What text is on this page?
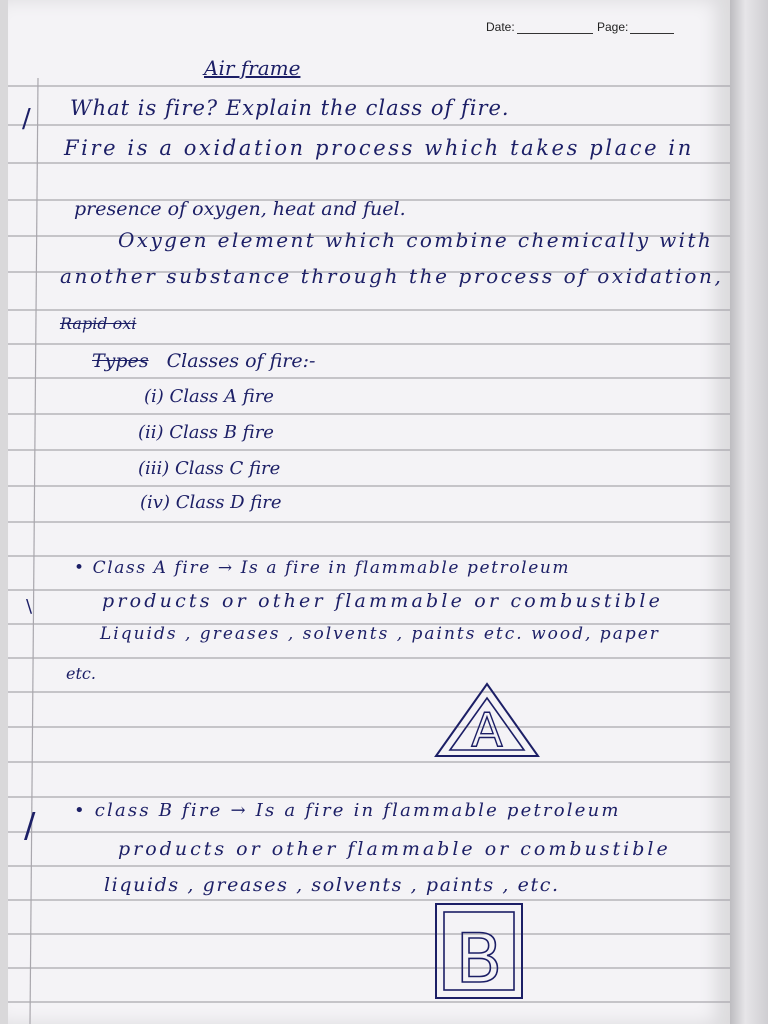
Date:	Page:
/
\
/
Air frame
What is fire? Explain the class of fire.
Fire is a oxidation process which takes place in
presence of oxygen, heat and fuel.
Oxygen element which combine chemically with
another substance through the process of oxidation,
Rapid oxi
Types Classes of fire:-
(i) Class A fire
(ii) Class B fire
(iii) Class C fire
(iv) Class D fire
• Class A fire → Is a fire in flammable petroleum
products or other flammable or combustible
Liquids , greases , solvents , paints etc. wood, paper
etc.
A
• class B fire → Is a fire in flammable petroleum
products or other flammable or combustible
liquids , greases , solvents , paints , etc.
B
